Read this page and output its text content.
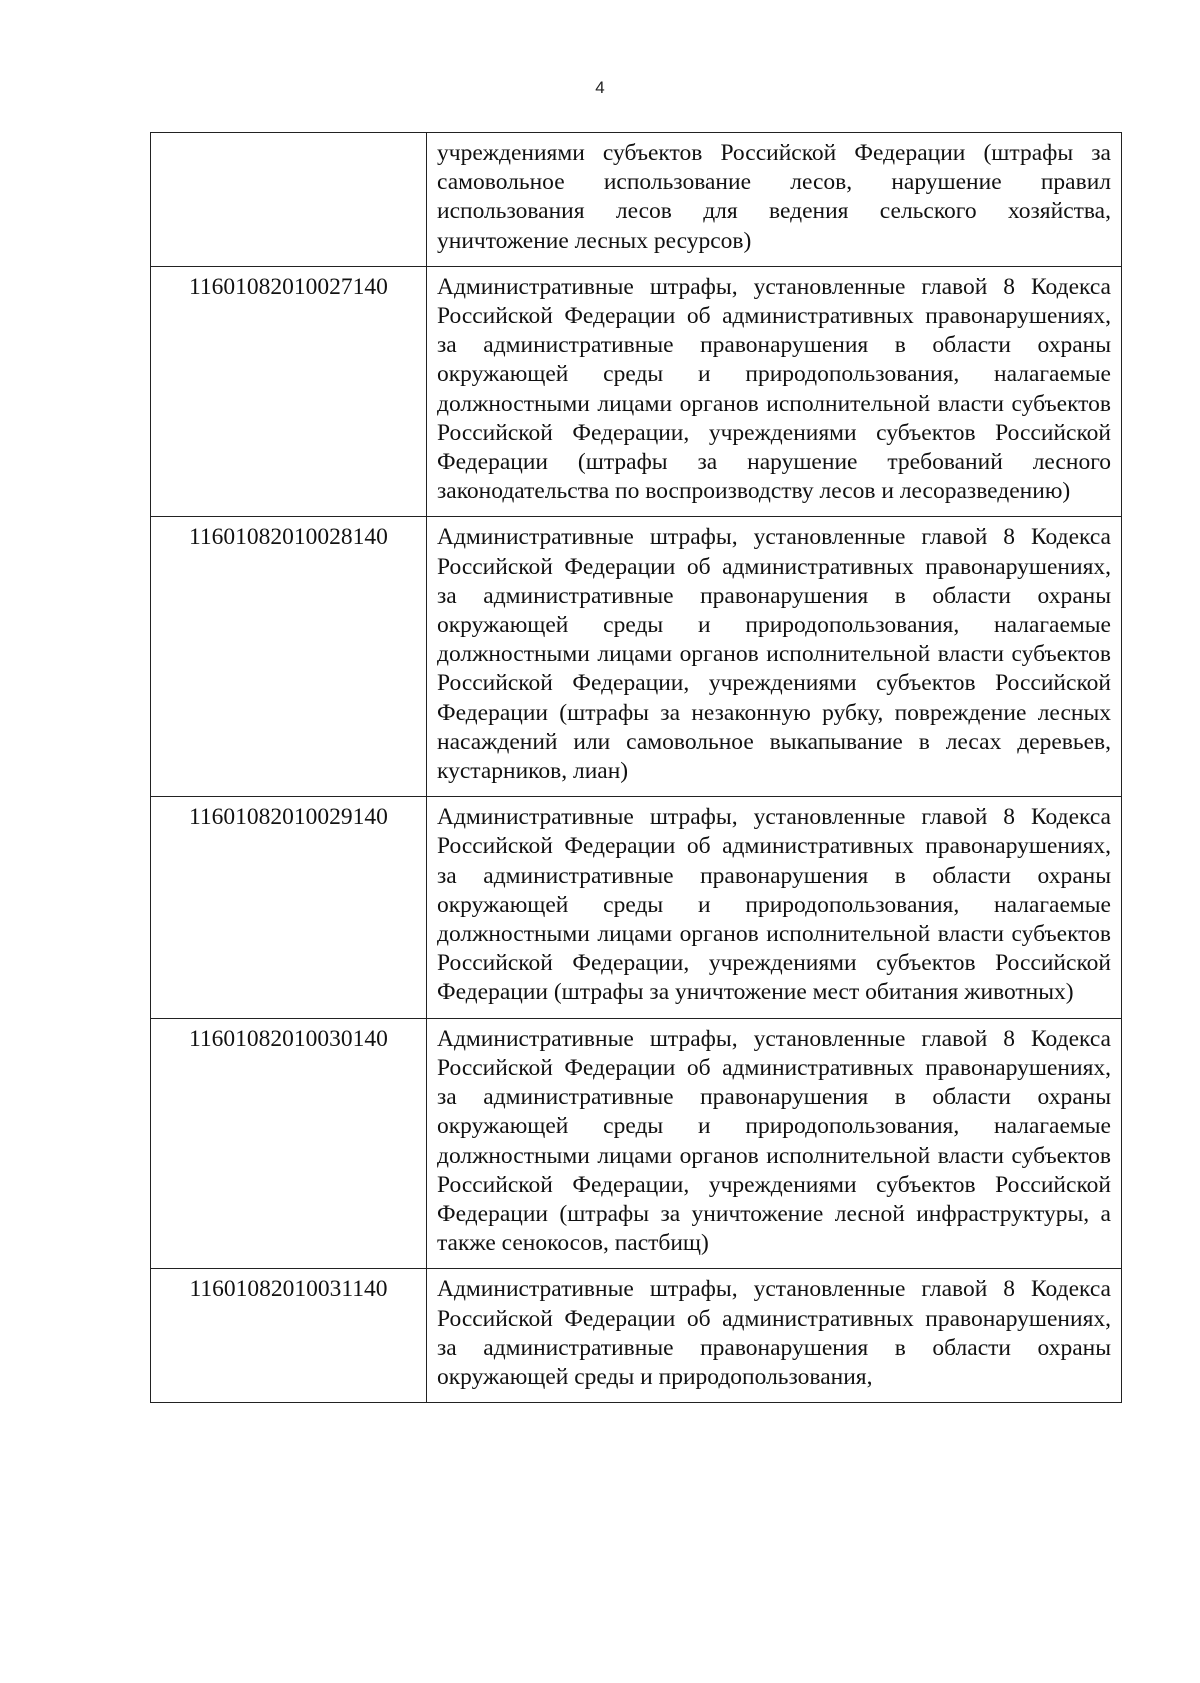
4
	учреждениями субъектов Российской Федерации (штрафы за самовольное использование лесов, нарушение правил использования лесов для ведения сельского хозяйства, уничтожение лесных ресурсов)
11601082010027140	Административные штрафы, установленные главой 8 Кодекса Российской Федерации об административных правонарушениях, за административные правонарушения в области охраны окружающей среды и природопользования, налагаемые должностными лицами органов исполнительной власти субъектов Российской Федерации, учреждениями субъектов Российской Федерации (штрафы за нарушение требований лесного законодательства по воспроизводству лесов и лесоразведению)
11601082010028140	Административные штрафы, установленные главой 8 Кодекса Российской Федерации об административных правонарушениях, за административные правонарушения в области охраны окружающей среды и природопользования, налагаемые должностными лицами органов исполнительной власти субъектов Российской Федерации, учреждениями субъектов Российской Федерации (штрафы за незаконную рубку, повреждение лесных насаждений или самовольное выкапывание в лесах деревьев, кустарников, лиан)
11601082010029140	Административные штрафы, установленные главой 8 Кодекса Российской Федерации об административных правонарушениях, за административные правонарушения в области охраны окружающей среды и природопользования, налагаемые должностными лицами органов исполнительной власти субъектов Российской Федерации, учреждениями субъектов Российской Федерации (штрафы за уничтожение мест обитания животных)
11601082010030140	Административные штрафы, установленные главой 8 Кодекса Российской Федерации об административных правонарушениях, за административные правонарушения в области охраны окружающей среды и природопользования, налагаемые должностными лицами органов исполнительной власти субъектов Российской Федерации, учреждениями субъектов Российской Федерации (штрафы за уничтожение лесной инфраструктуры, а также сенокосов, пастбищ)
11601082010031140	Административные штрафы, установленные главой 8 Кодекса Российской Федерации об административных правонарушениях, за административные правонарушения в области охраны окружающей среды и природопользования,
